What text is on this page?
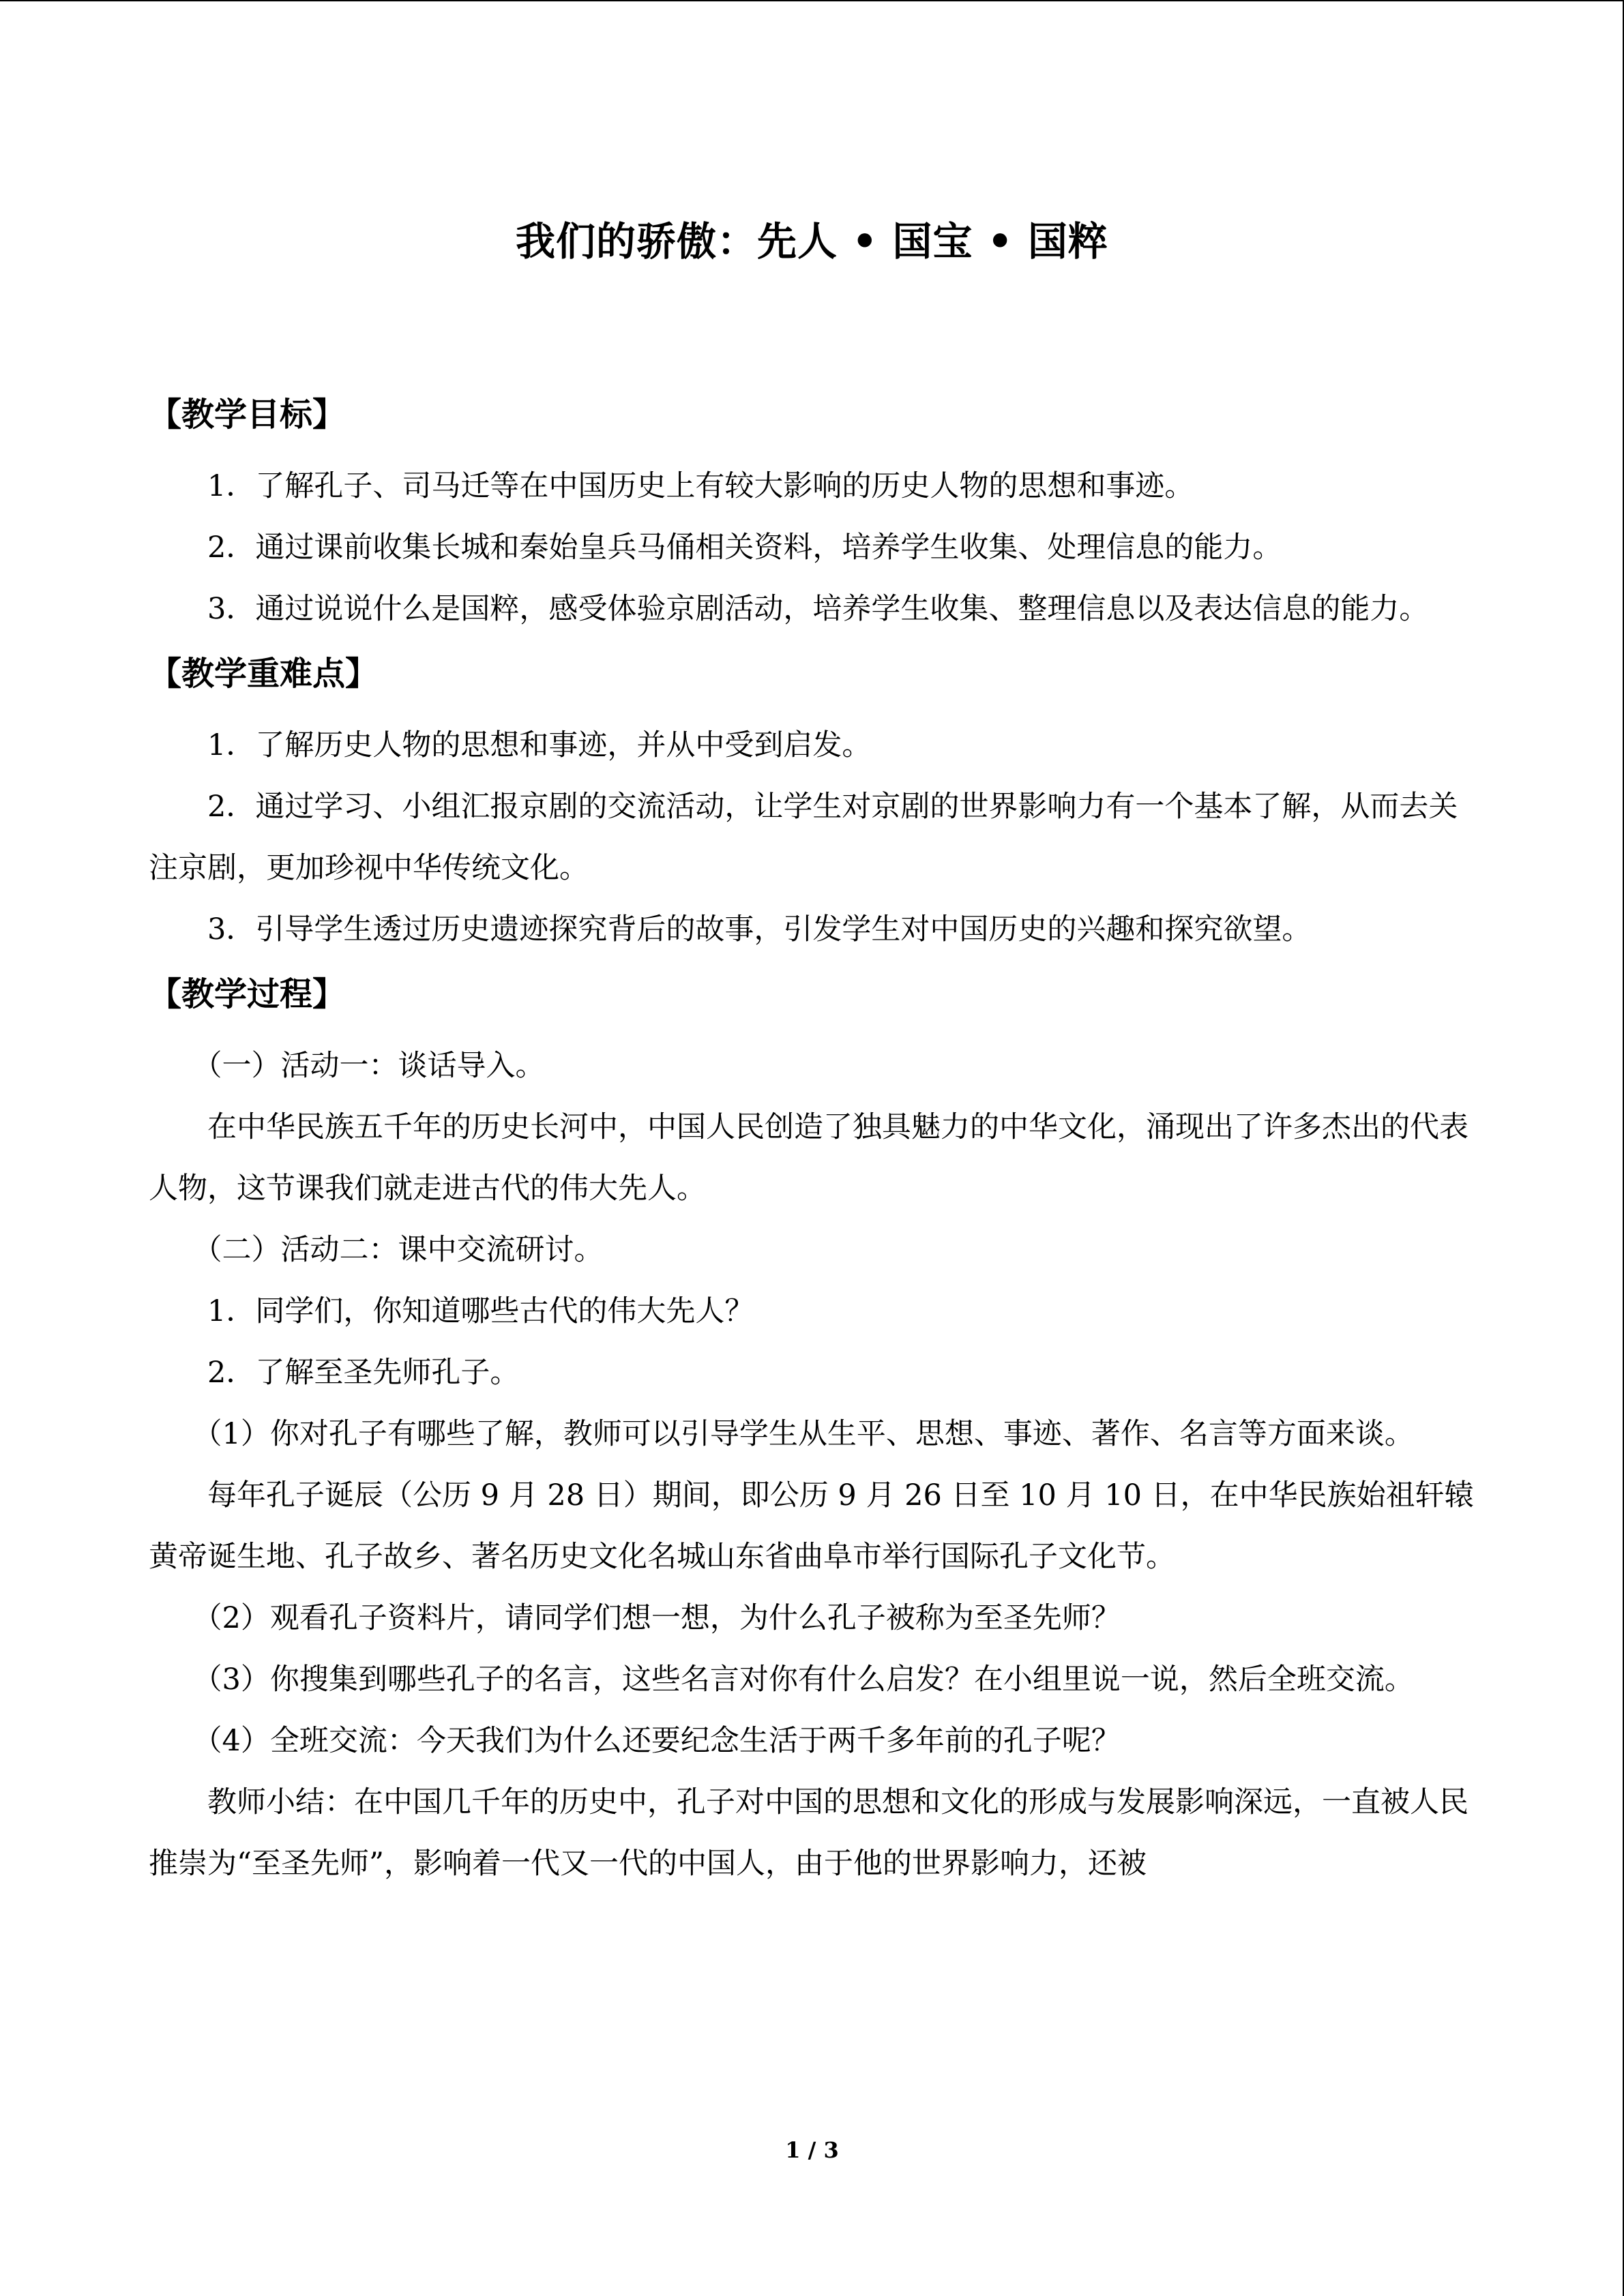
我们的骄傲：先人 • 国宝 • 国粹
【教学目标】

1．了解孔子、司马迁等在中国历史上有较大影响的历史人物的思想和事迹。

2．通过课前收集长城和秦始皇兵马俑相关资料，培养学生收集、处理信息的能力。

3．通过说说什么是国粹，感受体验京剧活动，培养学生收集、整理信息以及表达信息的能力。

【教学重难点】

1．了解历史人物的思想和事迹，并从中受到启发。

2．通过学习、小组汇报京剧的交流活动，让学生对京剧的世界影响力有一个基本了解，从而去关注京剧，更加珍视中华传统文化。

3．引导学生透过历史遗迹探究背后的故事，引发学生对中国历史的兴趣和探究欲望。

【教学过程】

（一）活动一：谈话导入。

在中华民族五千年的历史长河中，中国人民创造了独具魅力的中华文化，涌现出了许多杰出的代表人物，这节课我们就走进古代的伟大先人。

（二）活动二：课中交流研讨。

1．同学们，你知道哪些古代的伟大先人？

2．了解至圣先师孔子。

（1）你对孔子有哪些了解，教师可以引导学生从生平、思想、事迹、著作、名言等方面来谈。

每年孔子诞辰（公历 9 月 28 日）期间，即公历 9 月 26 日至 10 月 10 日，在中华民族始祖轩辕黄帝诞生地、孔子故乡、著名历史文化名城山东省曲阜市举行国际孔子文化节。

（2）观看孔子资料片，请同学们想一想，为什么孔子被称为至圣先师？

（3）你搜集到哪些孔子的名言，这些名言对你有什么启发？在小组里说一说，然后全班交流。

（4）全班交流：今天我们为什么还要纪念生活于两千多年前的孔子呢？

教师小结：在中国几千年的历史中，孔子对中国的思想和文化的形成与发展影响深远，一直被人民推崇为“至圣先师”，影响着一代又一代的中国人，由于他的世界影响力，还被

1 / 3
